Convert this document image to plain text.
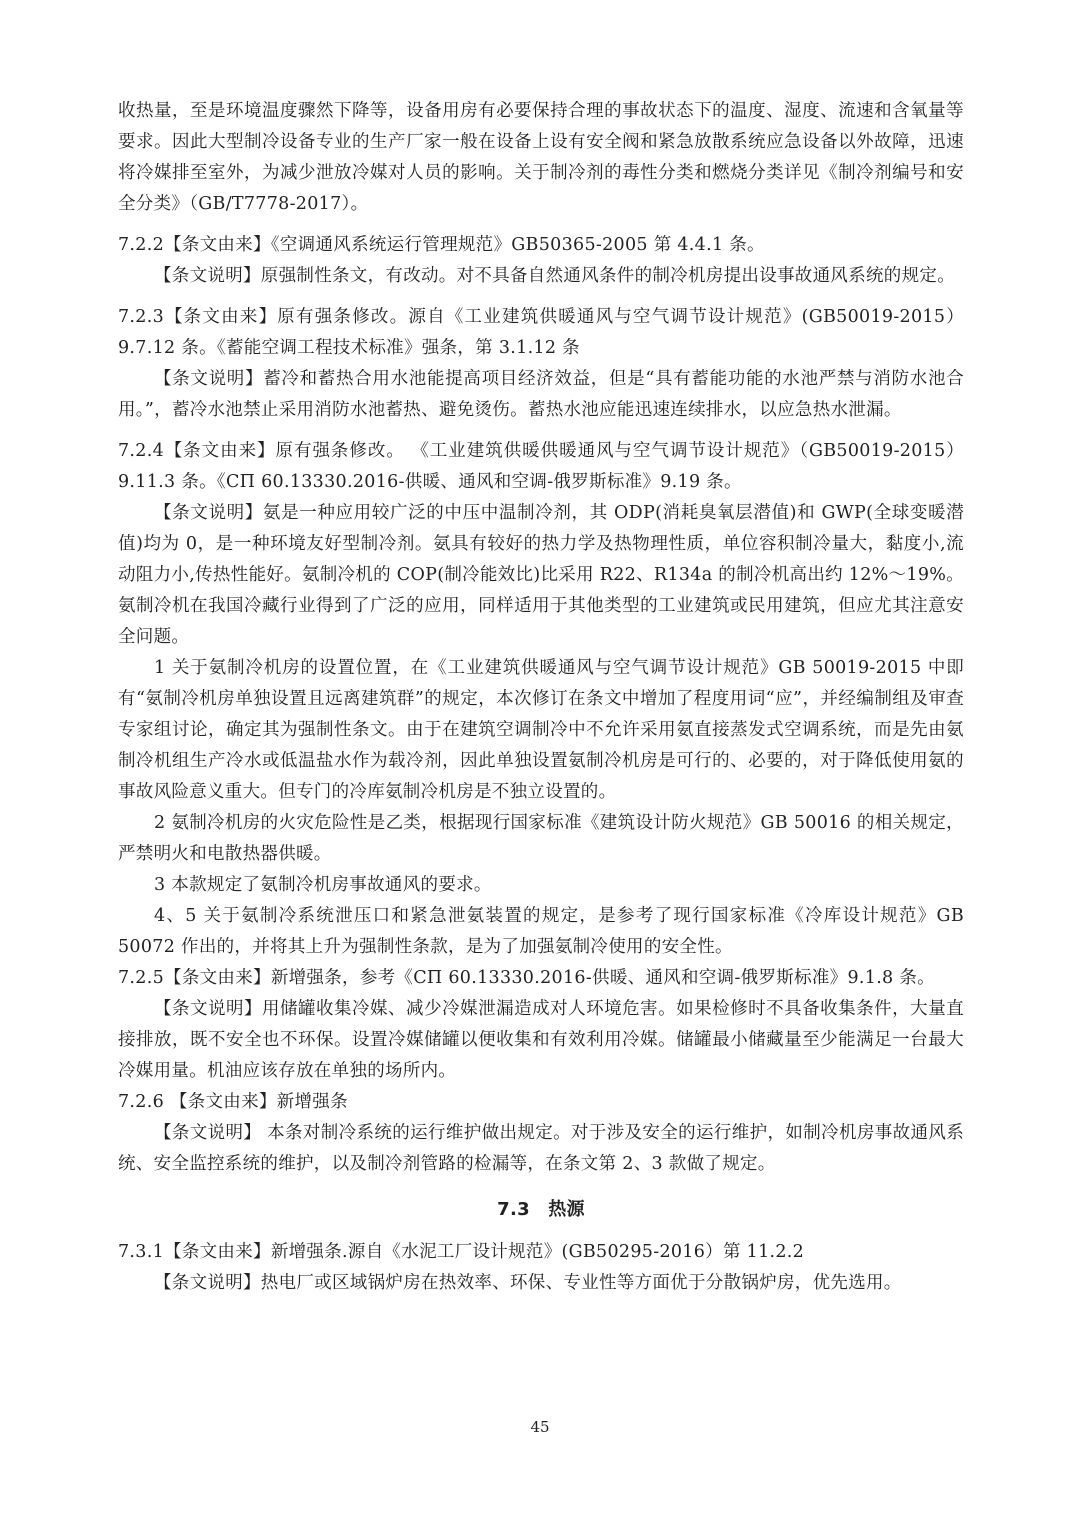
收热量，至是环境温度骤然下降等，设备用房有必要保持合理的事故状态下的温度、湿度、流速和含氧量等要求。因此大型制冷设备专业的生产厂家一般在设备上设有安全阀和紧急放散系统应急设备以外故障，迅速将冷媒排至室外，为减少泄放冷媒对人员的影响。关于制冷剂的毒性分类和燃烧分类详见《制冷剂编号和安全分类》（GB/T7778-2017）。

7.2.2【条文由来】《空调通风系统运行管理规范》GB50365-2005 第 4.4.1 条。

【条文说明】原强制性条文，有改动。对不具备自然通风条件的制冷机房提出设事故通风系统的规定。

7.2.3【条文由来】原有强条修改。源自《工业建筑供暖通风与空气调节设计规范》(GB50019-2015）9.7.12 条。《蓄能空调工程技术标准》强条，第 3.1.12 条

【条文说明】蓄冷和蓄热合用水池能提高项目经济效益，但是“具有蓄能功能的水池严禁与消防水池合用。”，蓄冷水池禁止采用消防水池蓄热、避免烫伤。蓄热水池应能迅速连续排水，以应急热水泄漏。

7.2.4【条文由来】原有强条修改。 《工业建筑供暖供暖通风与空气调节设计规范》（GB50019-2015）9.11.3 条。《СП 60.13330.2016-供暖、通风和空调-俄罗斯标准》9.19 条。

【条文说明】氨是一种应用较广泛的中压中温制冷剂，其 ODP(消耗臭氧层潜值)和 GWP(全球变暖潜值)均为 0，是一种环境友好型制冷剂。氨具有较好的热力学及热物理性质，单位容积制冷量大，黏度小,流动阻力小,传热性能好。氨制冷机的 COP(制冷能效比)比采用 R22、R134a 的制冷机高出约 12%～19%。氨制冷机在我国冷藏行业得到了广泛的应用，同样适用于其他类型的工业建筑或民用建筑，但应尤其注意安全问题。

1 关于氨制冷机房的设置位置，在《工业建筑供暖通风与空气调节设计规范》GB 50019-2015 中即有“氨制冷机房单独设置且远离建筑群”的规定，本次修订在条文中增加了程度用词“应”，并经编制组及审查专家组讨论，确定其为强制性条文。由于在建筑空调制冷中不允许采用氨直接蒸发式空调系统，而是先由氨制冷机组生产冷水或低温盐水作为载冷剂，因此单独设置氨制冷机房是可行的、必要的，对于降低使用氨的事故风险意义重大。但专门的冷库氨制冷机房是不独立设置的。

2 氨制冷机房的火灾危险性是乙类，根据现行国家标准《建筑设计防火规范》GB 50016 的相关规定，严禁明火和电散热器供暖。

3 本款规定了氨制冷机房事故通风的要求。

4、5 关于氨制冷系统泄压口和紧急泄氨装置的规定，是参考了现行国家标准《冷库设计规范》GB 50072 作出的，并将其上升为强制性条款，是为了加强氨制冷使用的安全性。

7.2.5【条文由来】新增强条，参考《СП 60.13330.2016-供暖、通风和空调-俄罗斯标准》9.1.8 条。

【条文说明】用储罐收集冷媒、减少冷媒泄漏造成对人环境危害。如果检修时不具备收集条件，大量直接排放，既不安全也不环保。设置冷媒储罐以便收集和有效利用冷媒。储罐最小储藏量至少能满足一台最大冷媒用量。机油应该存放在单独的场所内。

7.2.6 【条文由来】新增强条

【条文说明】 本条对制冷系统的运行维护做出规定。对于涉及安全的运行维护，如制冷机房事故通风系统、安全监控系统的维护，以及制冷剂管路的检漏等，在条文第 2、3 款做了规定。

7.3　热源

7.3.1【条文由来】新增强条.源自《水泥工厂设计规范》(GB50295-2016）第 11.2.2

【条文说明】热电厂或区域锅炉房在热效率、环保、专业性等方面优于分散锅炉房，优先选用。

45
